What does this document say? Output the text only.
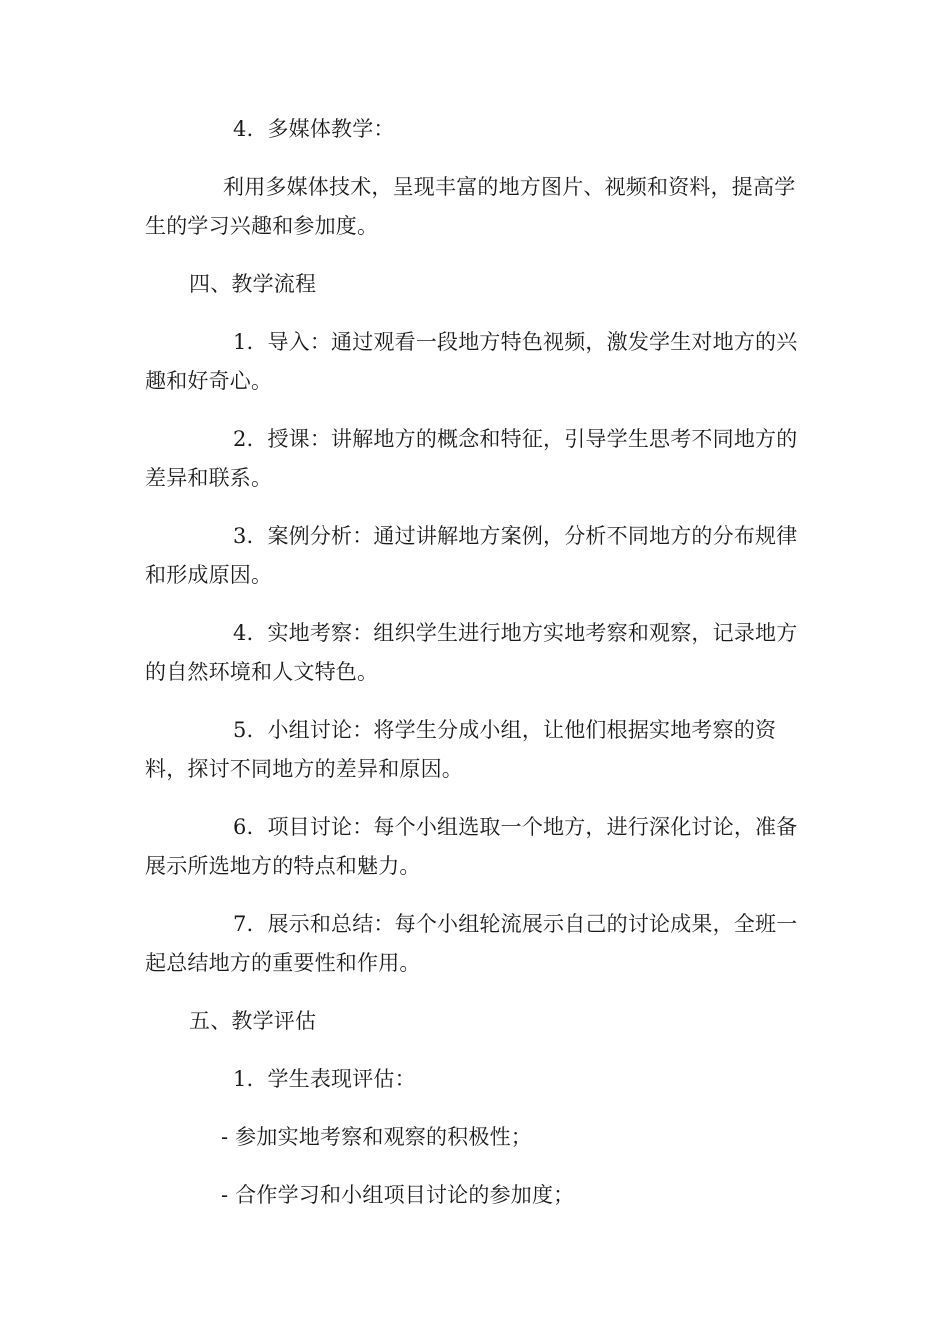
4. 多媒体教学：

利用多媒体技术，呈现丰富的地方图片、视频和资料，提高学生的学习兴趣和参加度。

四、教学流程

1. 导入：通过观看一段地方特色视频，激发学生对地方的兴趣和好奇心。

2. 授课：讲解地方的概念和特征，引导学生思考不同地方的差异和联系。

3. 案例分析：通过讲解地方案例，分析不同地方的分布规律和形成原因。

4. 实地考察：组织学生进行地方实地考察和观察，记录地方的自然环境和人文特色。

5. 小组讨论：将学生分成小组，让他们根据实地考察的资料，探讨不同地方的差异和原因。

6. 项目讨论：每个小组选取一个地方，进行深化讨论，准备展示所选地方的特点和魅力。

7. 展示和总结：每个小组轮流展示自己的讨论成果，全班一起总结地方的重要性和作用。

五、教学评估

1. 学生表现评估：

- 参加实地考察和观察的积极性；

- 合作学习和小组项目讨论的参加度；
